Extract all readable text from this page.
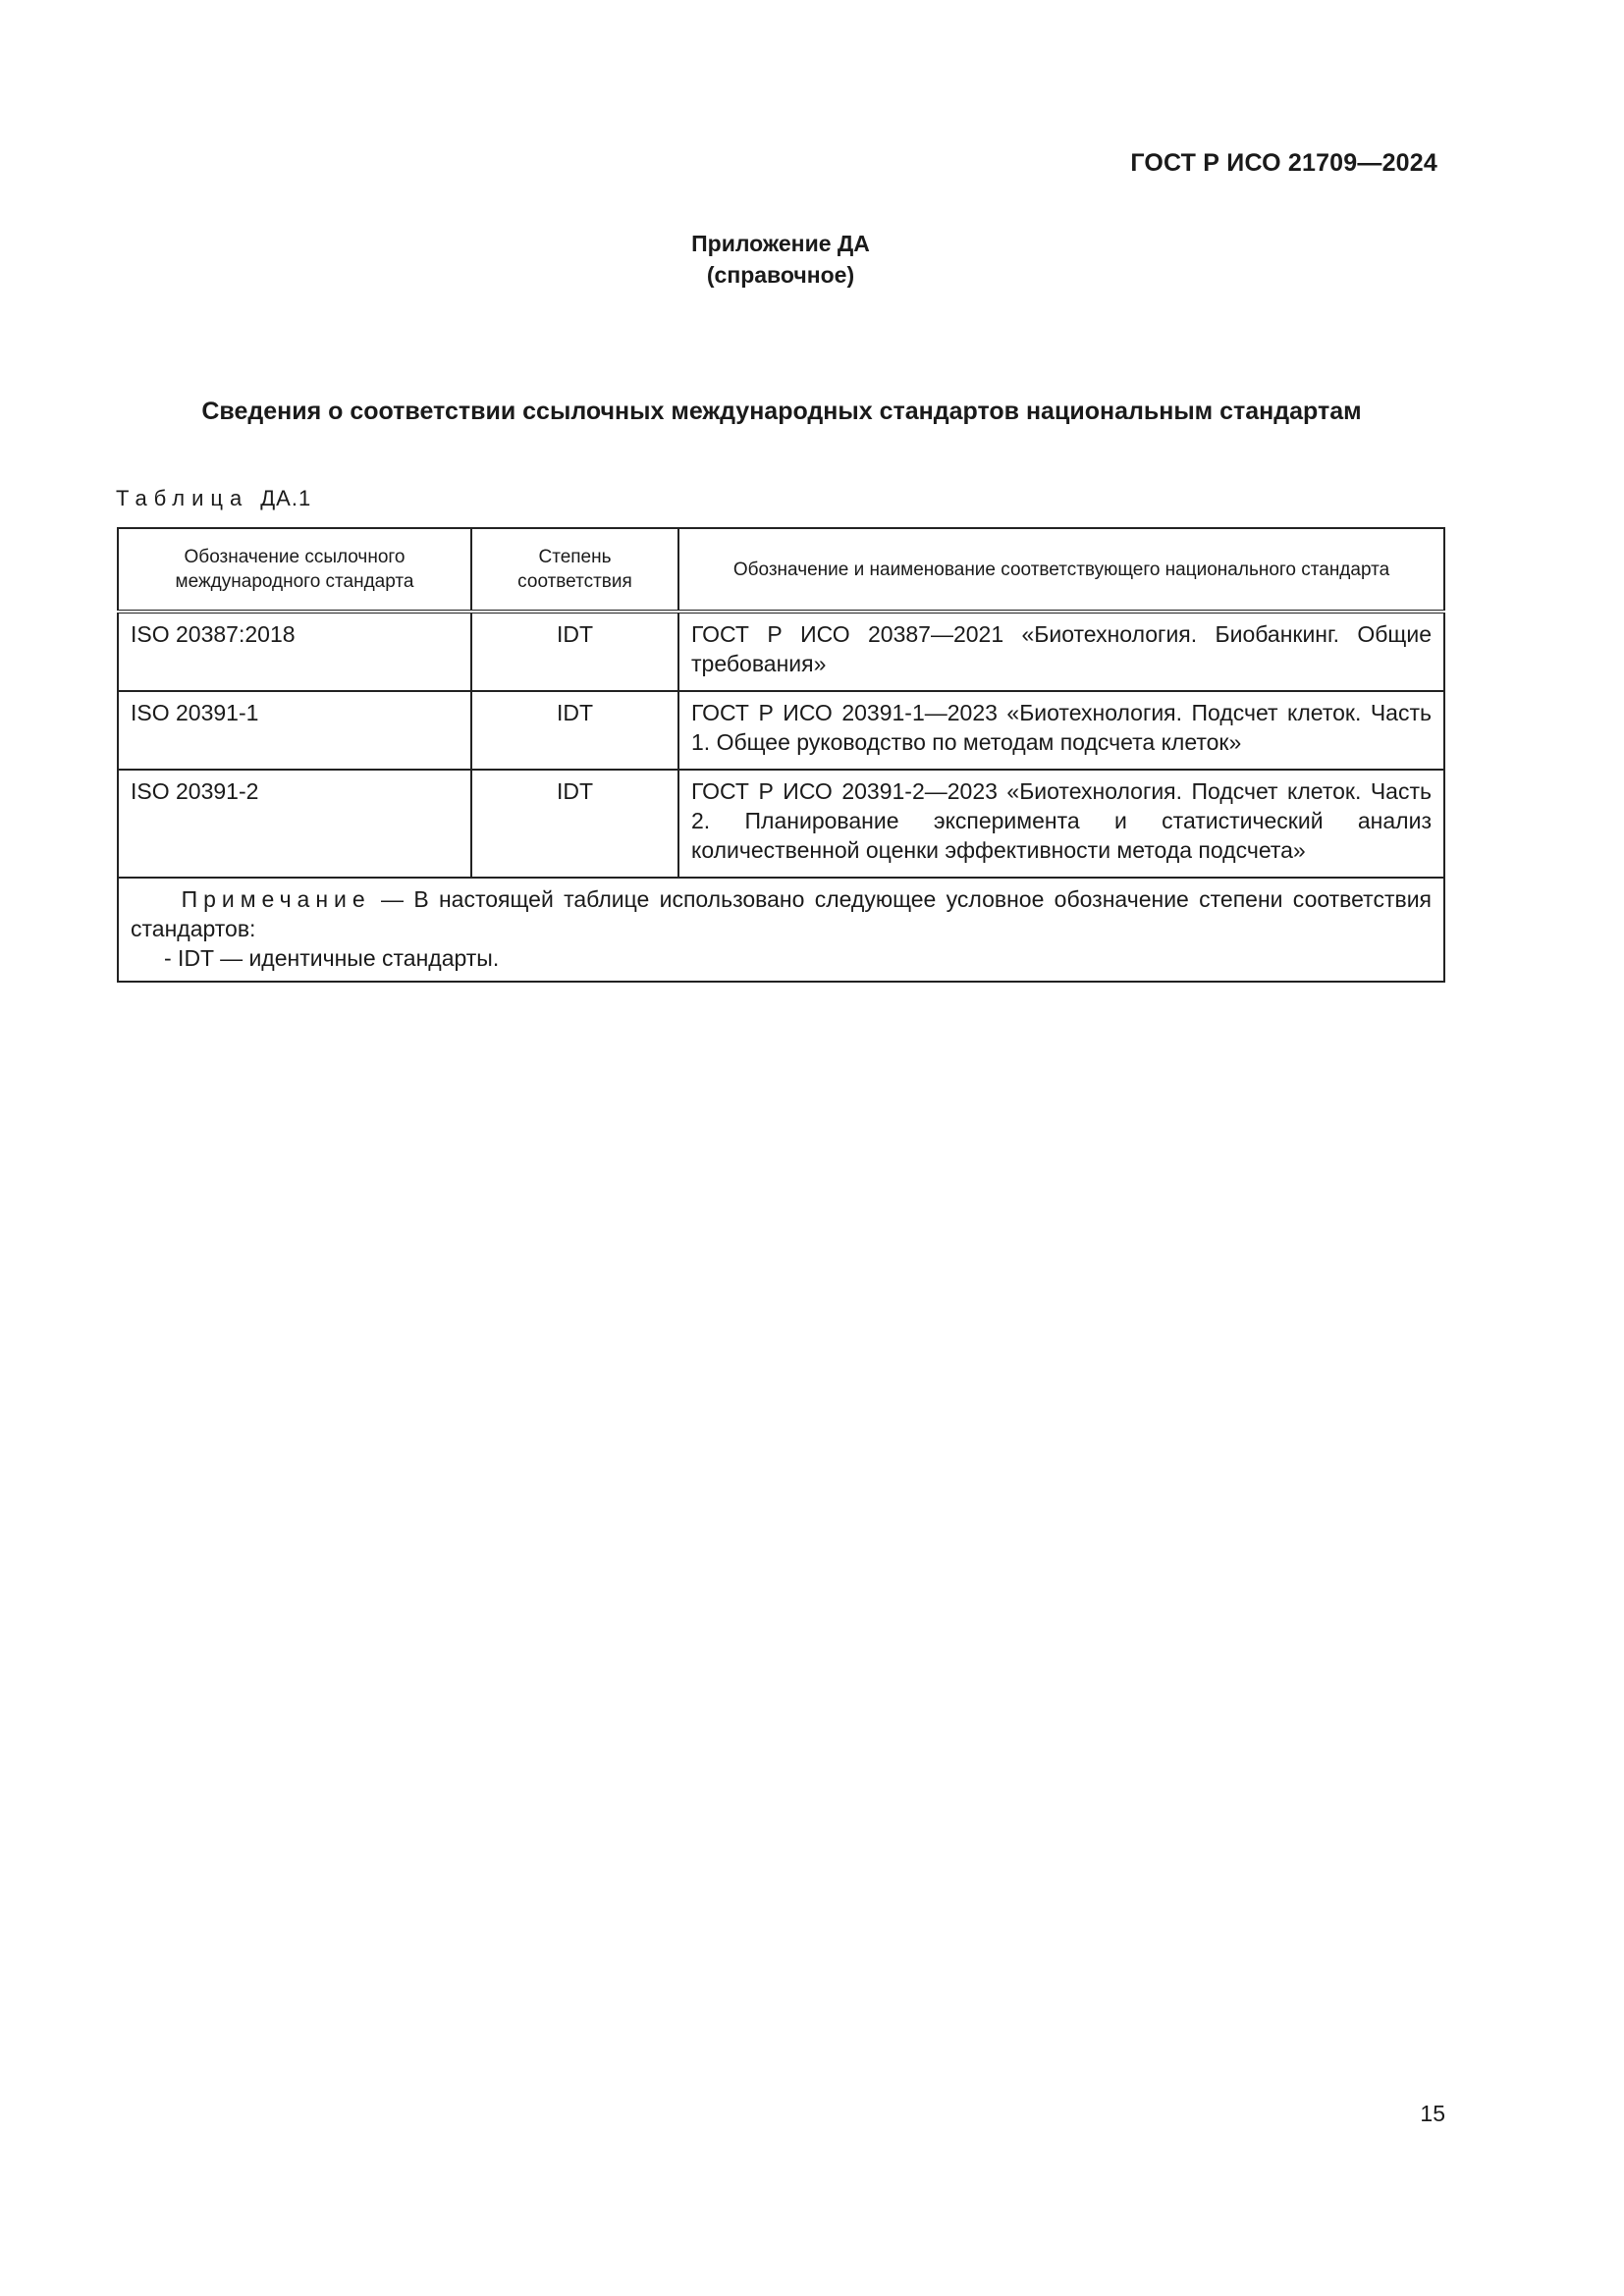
ГОСТ Р ИСО 21709—2024
Приложение ДА
(справочное)
Сведения о соответствии ссылочных международных стандартов национальным стандартам
Таблица ДА.1
Обозначение ссылочного международного стандарта	Степень соответствия	Обозначение и наименование соответствующего национального стандарта
ISO 20387:2018	IDT	ГОСТ Р ИСО 20387—2021 «Биотехнология. Биобанкинг. Общие требования»
ISO 20391-1	IDT	ГОСТ Р ИСО 20391-1—2023 «Биотехнология. Подсчет клеток. Часть 1. Общее руководство по методам подсчета клеток»
ISO 20391-2	IDT	ГОСТ Р ИСО 20391-2—2023 «Биотехнология. Подсчет клеток. Часть 2. Планирование эксперимента и статистический анализ количественной оценки эффективности метода подсчета»

Примечание — В настоящей таблице использовано следующее условное обозначение степени соответствия стандартов:
- IDT — идентичные стандарты.		
15
